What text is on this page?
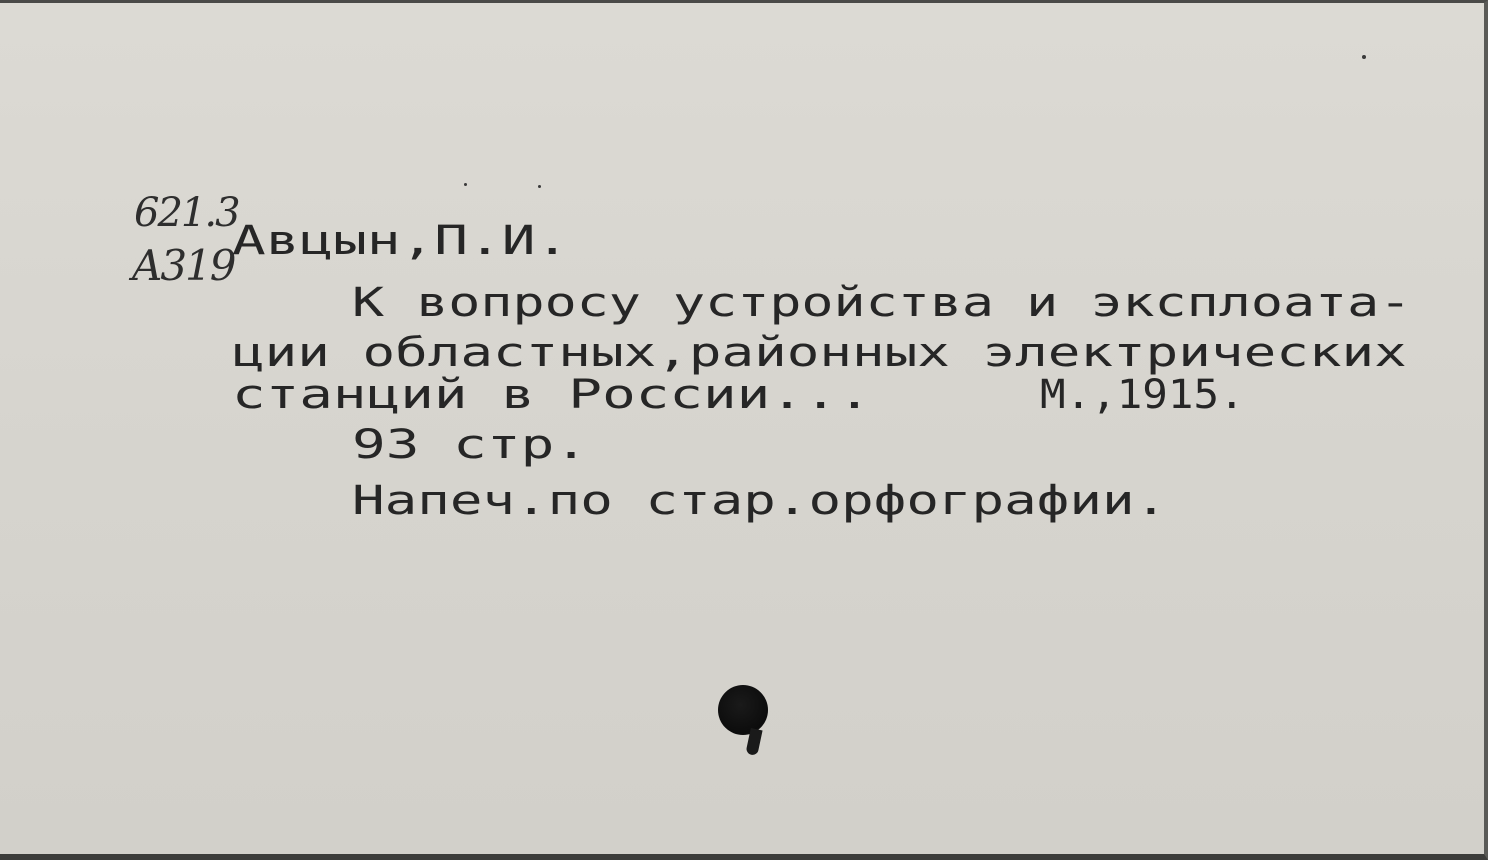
621.3
A319
Авцын,П.И.
К вопросу устройства и эксплоата-
ции областных,районных электрических
станций в России...	М.,1915.
93 стр.
Напеч.по стар.орфографии.
